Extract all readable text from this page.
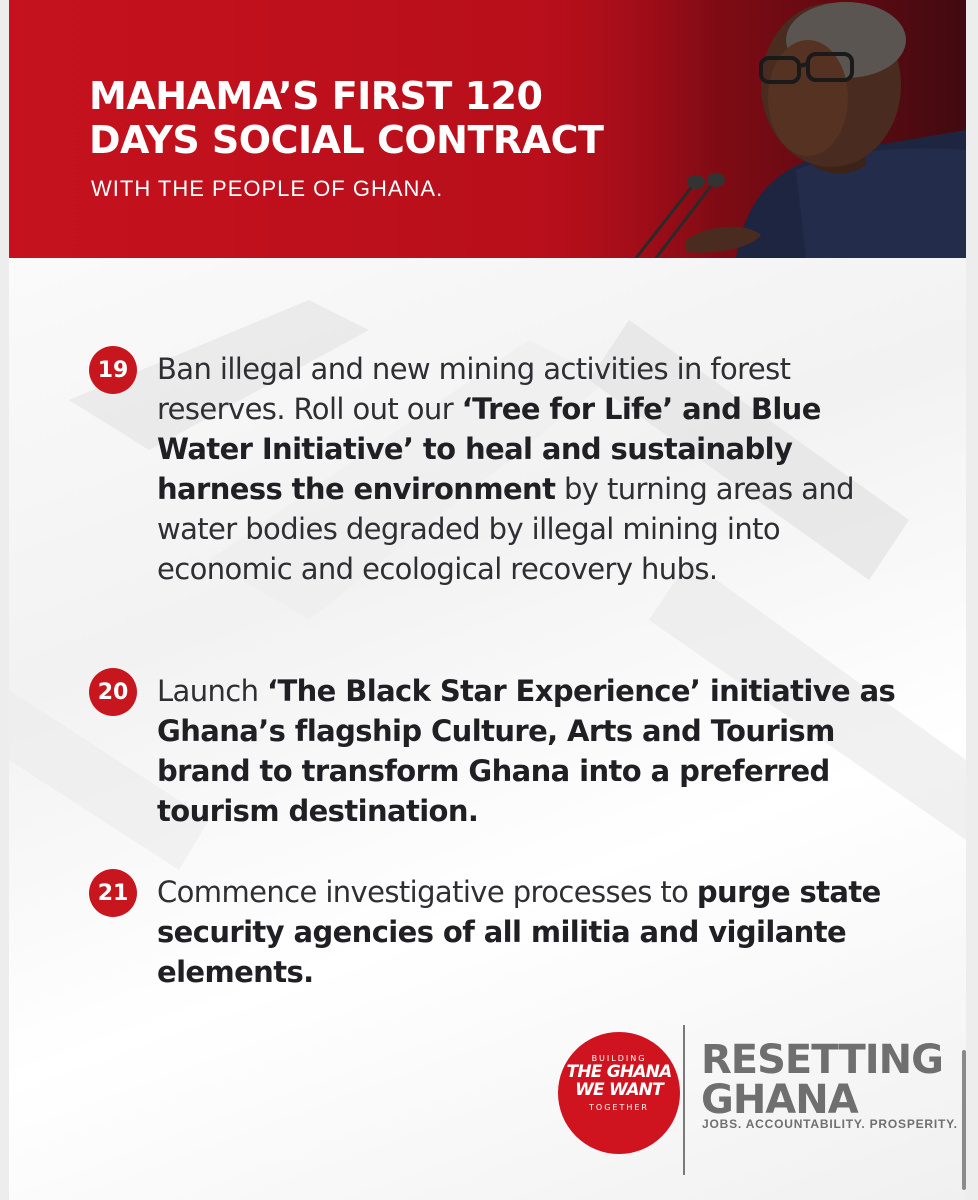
MAHAMA’S FIRST 120 DAYS SOCIAL CONTRACT
WITH THE PEOPLE OF GHANA.
19 Ban illegal and new mining activities in forest reserves. Roll out our ‘Tree for Life’ and Blue Water Initiative’ to heal and sustainably harness the environment by turning areas and water bodies degraded by illegal mining into economic and ecological recovery hubs.
20 Launch ‘The Black Star Experience’ initiative as Ghana’s flagship Culture, Arts and Tourism brand to transform Ghana into a preferred tourism destination.
21 Commence investigative processes to purge state security agencies of all militia and vigilante elements.
BUILDING
THE GHANA
WE WANT
TOGETHER
RESETTING
GHANA
JOBS. ACCOUNTABILITY. PROSPERITY.
